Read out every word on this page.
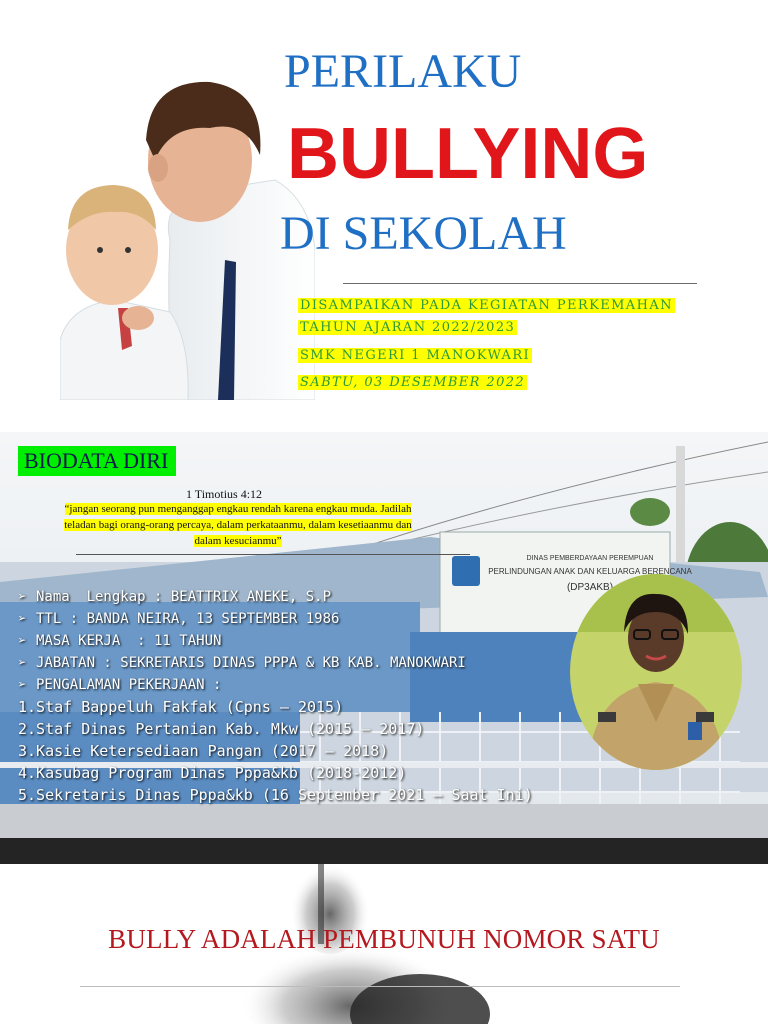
PERILAKU
BULLYING
DI SEKOLAH
DISAMPAIKAN PADA KEGIATAN PERKEMAHAN
TAHUN AJARAN 2022/2023
SMK NEGERI 1 MANOKWARI
SABTU, 03 DESEMBER 2022
DINAS PEMBERDAYAAN PEREMPUAN
PERLINDUNGAN ANAK DAN KELUARGA BERENCANA
(DP3AKB)
BIODATA DIRI
1 Timotius 4:12
“jangan seorang pun menganggap engkau rendah karena engkau muda. Jadilah
teladan bagi orang-orang percaya, dalam perkataanmu, dalam kesetiaanmu dan
dalam kesucianmu”
➢ Nama  Lengkap : BEATTRIX ANEKE, S.P
➢ TTL : BANDA NEIRA, 13 SEPTEMBER 1986
➢ MASA KERJA  : 11 TAHUN
➢ JABATAN : SEKRETARIS DINAS PPPA & KB KAB. MANOKWARI
➢ PENGALAMAN PEKERJAAN :
1.Staf Bappeluh Fakfak (Cpns – 2015)
2.Staf Dinas Pertanian Kab. Mkw (2015 – 2017)
3.Kasie Ketersediaan Pangan (2017 – 2018)
4.Kasubag Program Dinas Pppa&kb (2018-2012)
5.Sekretaris Dinas Pppa&kb (16 September 2021 – Saat Ini)
BULLY ADALAH PEMBUNUH NOMOR SATU
